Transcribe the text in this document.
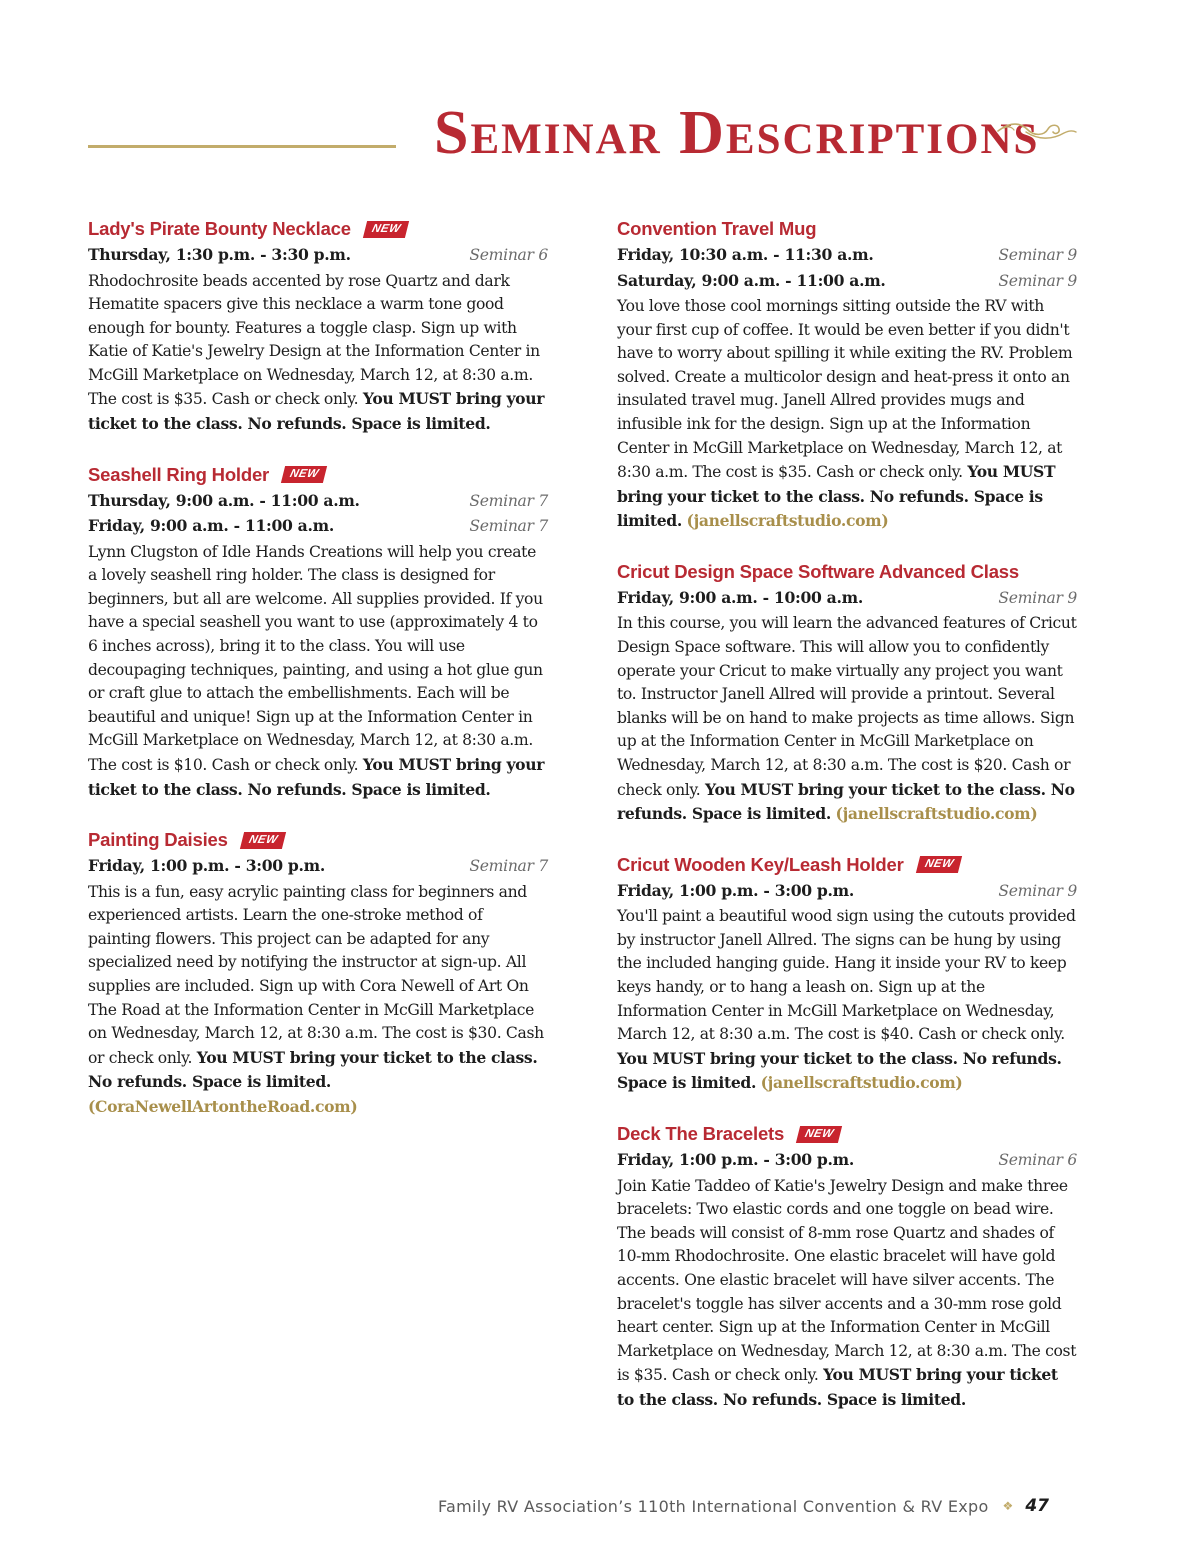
Seminar Descriptions
Lady's Pirate Bounty Necklace	NEW
Thursday, 1:30 p.m. - 3:30 p.m.	Seminar 6

Rhodochrosite beads accented by rose Quartz and dark Hematite spacers give this necklace a warm tone good enough for bounty. Features a toggle clasp. Sign up with Katie of Katie's Jewelry Design at the Information Center in McGill Marketplace on Wednesday, March 12, at 8:30 a.m. The cost is $35. Cash or check only. You MUST bring your ticket to the class. No refunds. Space is limited.

Seashell Ring Holder	NEW
Thursday, 9:00 a.m. - 11:00 a.m.	Seminar 7
Friday, 9:00 a.m. - 11:00 a.m.	Seminar 7

Lynn Clugston of Idle Hands Creations will help you create a lovely seashell ring holder. The class is designed for beginners, but all are welcome. All supplies provided. If you have a special seashell you want to use (approximately 4 to 6 inches across), bring it to the class. You will use decoupaging techniques, painting, and using a hot glue gun or craft glue to attach the embellishments. Each will be beautiful and unique! Sign up at the Information Center in McGill Marketplace on Wednesday, March 12, at 8:30 a.m. The cost is $10. Cash or check only. You MUST bring your ticket to the class. No refunds. Space is limited.

Painting Daisies	NEW
Friday, 1:00 p.m. - 3:00 p.m.	Seminar 7

This is a fun, easy acrylic painting class for beginners and experienced artists. Learn the one-stroke method of painting flowers. This project can be adapted for any specialized need by notifying the instructor at sign-up. All supplies are included. Sign up with Cora Newell of Art On The Road at the Information Center in McGill Marketplace on Wednesday, March 12, at 8:30 a.m. The cost is $30. Cash or check only. You MUST bring your ticket to the class. No refunds. Space is limited. (CoraNewellArtontheRoad.com)

Convention Travel Mug
Friday, 10:30 a.m. - 11:30 a.m.	Seminar 9
Saturday, 9:00 a.m. - 11:00 a.m.	Seminar 9

You love those cool mornings sitting outside the RV with your first cup of coffee. It would be even better if you didn't have to worry about spilling it while exiting the RV. Problem solved. Create a multicolor design and heat-press it onto an insulated travel mug. Janell Allred provides mugs and infusible ink for the design. Sign up at the Information Center in McGill Marketplace on Wednesday, March 12, at 8:30 a.m. The cost is $35. Cash or check only. You MUST bring your ticket to the class. No refunds. Space is limited. (janellscraftstudio.com)

Cricut Design Space Software Advanced Class
Friday, 9:00 a.m. - 10:00 a.m.	Seminar 9

In this course, you will learn the advanced features of Cricut Design Space software. This will allow you to confidently operate your Cricut to make virtually any project you want to. Instructor Janell Allred will provide a printout. Several blanks will be on hand to make projects as time allows. Sign up at the Information Center in McGill Marketplace on Wednesday, March 12, at 8:30 a.m. The cost is $20. Cash or check only. You MUST bring your ticket to the class. No refunds. Space is limited. (janellscraftstudio.com)

Cricut Wooden Key/Leash Holder	NEW
Friday, 1:00 p.m. - 3:00 p.m.	Seminar 9

You'll paint a beautiful wood sign using the cutouts provided by instructor Janell Allred. The signs can be hung by using the included hanging guide. Hang it inside your RV to keep keys handy, or to hang a leash on. Sign up at the Information Center in McGill Marketplace on Wednesday, March 12, at 8:30 a.m. The cost is $40. Cash or check only. You MUST bring your ticket to the class. No refunds. Space is limited. (janellscraftstudio.com)

Deck The Bracelets	NEW
Friday, 1:00 p.m. - 3:00 p.m.	Seminar 6

Join Katie Taddeo of Katie's Jewelry Design and make three bracelets: Two elastic cords and one toggle on bead wire. The beads will consist of 8-mm rose Quartz and shades of 10-mm Rhodochrosite. One elastic bracelet will have gold accents. One elastic bracelet will have silver accents. The bracelet's toggle has silver accents and a 30-mm rose gold heart center. Sign up at the Information Center in McGill Marketplace on Wednesday, March 12, at 8:30 a.m. The cost is $35. Cash or check only. You MUST bring your ticket to the class. No refunds. Space is limited.

Family RV Association’s 110th International Convention & RV Expo ❖ 47
